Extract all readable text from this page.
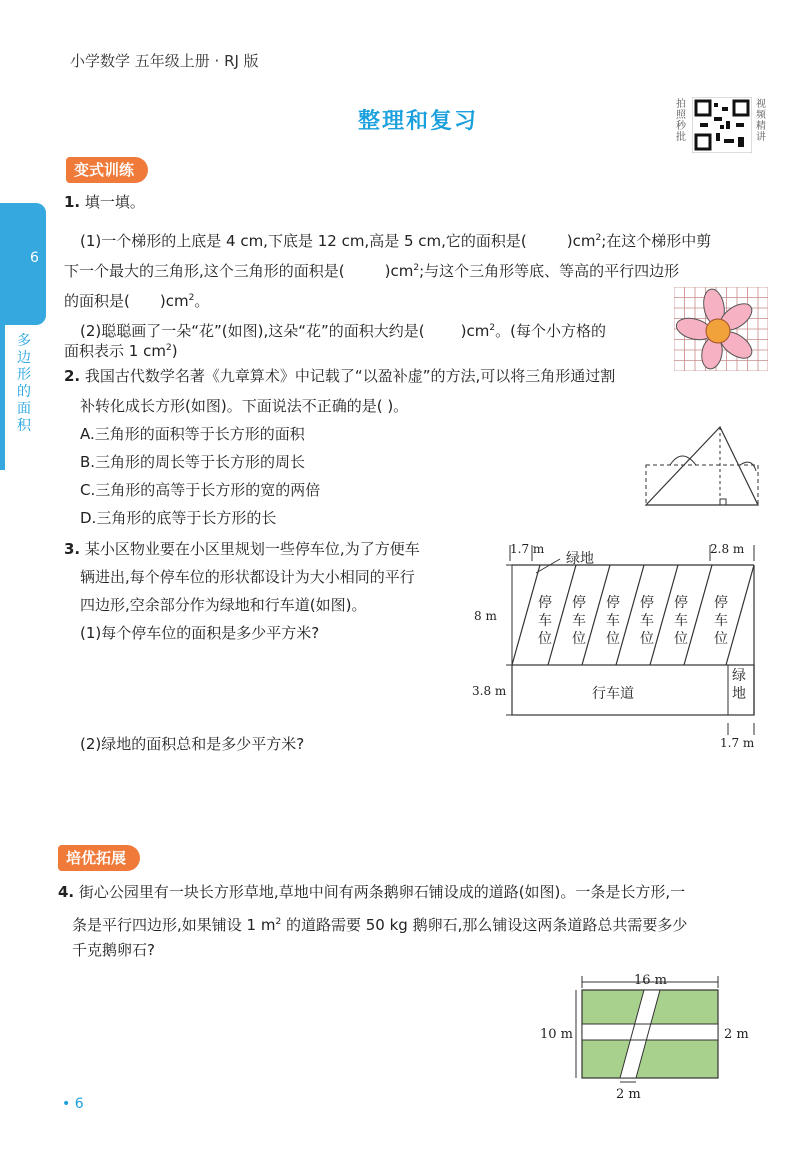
小学数学 五年级上册 · RJ 版
整理和复习
拍照秒批
视频精讲
6
多边形的面积
变式训练
1. 填一填。
(1)一个梯形的上底是 4 cm,下底是 12 cm,高是 5 cm,它的面积是(	)$cm^2$;在这个梯形中剪
下一个最大的三角形,这个三角形的面积是(	)$cm^2$;与这个三角形等底、等高的平行四边形
的面积是( )$cm^2$。
(2)聪聪画了一朵“花”(如图),这朵“花”的面积大约是( )$cm^2$。(每个小方格的
面积表示 1 $cm^2$)
2. 我国古代数学名著《九章算术》中记载了“以盈补虚”的方法,可以将三角形通过割
补转化成长方形(如图)。下面说法不正确的是( )。
A.三角形的面积等于长方形的面积
B.三角形的周长等于长方形的周长
C.三角形的高等于长方形的宽的两倍
D.三角形的底等于长方形的长
3. 某小区物业要在小区里规划一些停车位,为了方便车
辆进出,每个停车位的形状都设计为大小相同的平行
四边形,空余部分作为绿地和行车道(如图)。
(1)每个停车位的面积是多少平方米?
(2)绿地的面积总和是多少平方米?
1.7 m
绿地
2.8 m
8 m
3.8 m	行车道
1.7 m
停
车
位
停
车
位
停
车
位
停
车
位
停
车
位
停
车
位
绿
地
培优拓展
4. 街心公园里有一块长方形草地,草地中间有两条鹅卵石铺设成的道路(如图)。一条是长方形,一
条是平行四边形,如果铺设 1 $m^2$ 的道路需要 50 kg 鹅卵石,那么铺设这两条道路总共需要多少
千克鹅卵石?
16 m
10 m	2 m
2 m
• 6
